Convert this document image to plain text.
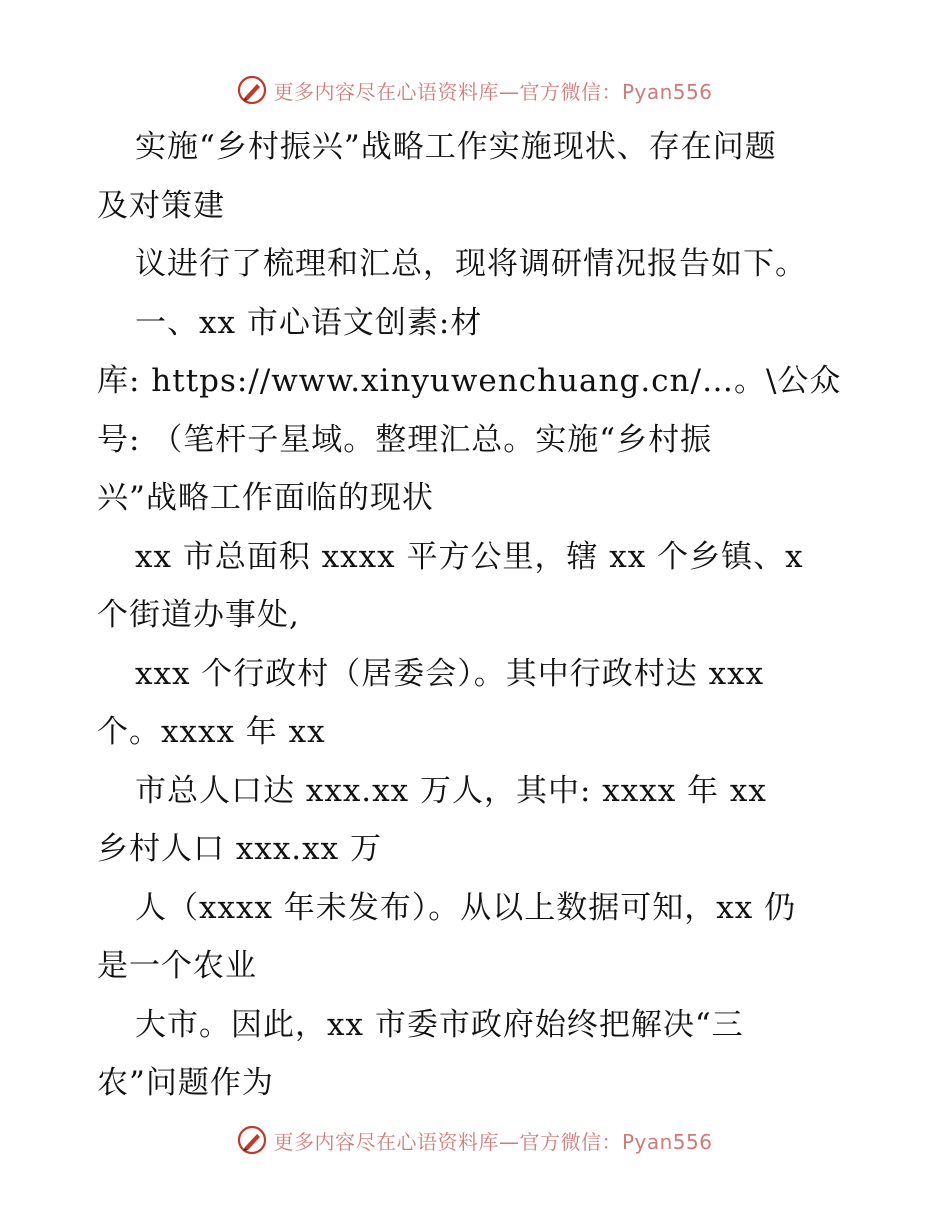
更多内容尽在心语资料库—官方微信：Pyan556
实施“乡村振兴”战略工作实施现状、存在问题
及对策建
议进行了梳理和汇总，现将调研情况报告如下。
一、xx 市心语文创素:材
库: https://www.xinyuwenchuang.cn/…。\公众
号: （笔杆子星域。整理汇总。实施“乡村振
兴”战略工作面临的现状
xx 市总面积 xxxx 平方公里，辖 xx 个乡镇、x
个街道办事处,
xxx 个行政村（居委会）。其中行政村达 xxx
个。xxxx 年 xx
市总人口达 xxx.xx 万人，其中: xxxx 年 xx
乡村人口 xxx.xx 万
人（xxxx 年未发布）。从以上数据可知，xx 仍
是一个农业
大市。因此，xx 市委市政府始终把解决“三
农”问题作为
更多内容尽在心语资料库—官方微信：Pyan556
